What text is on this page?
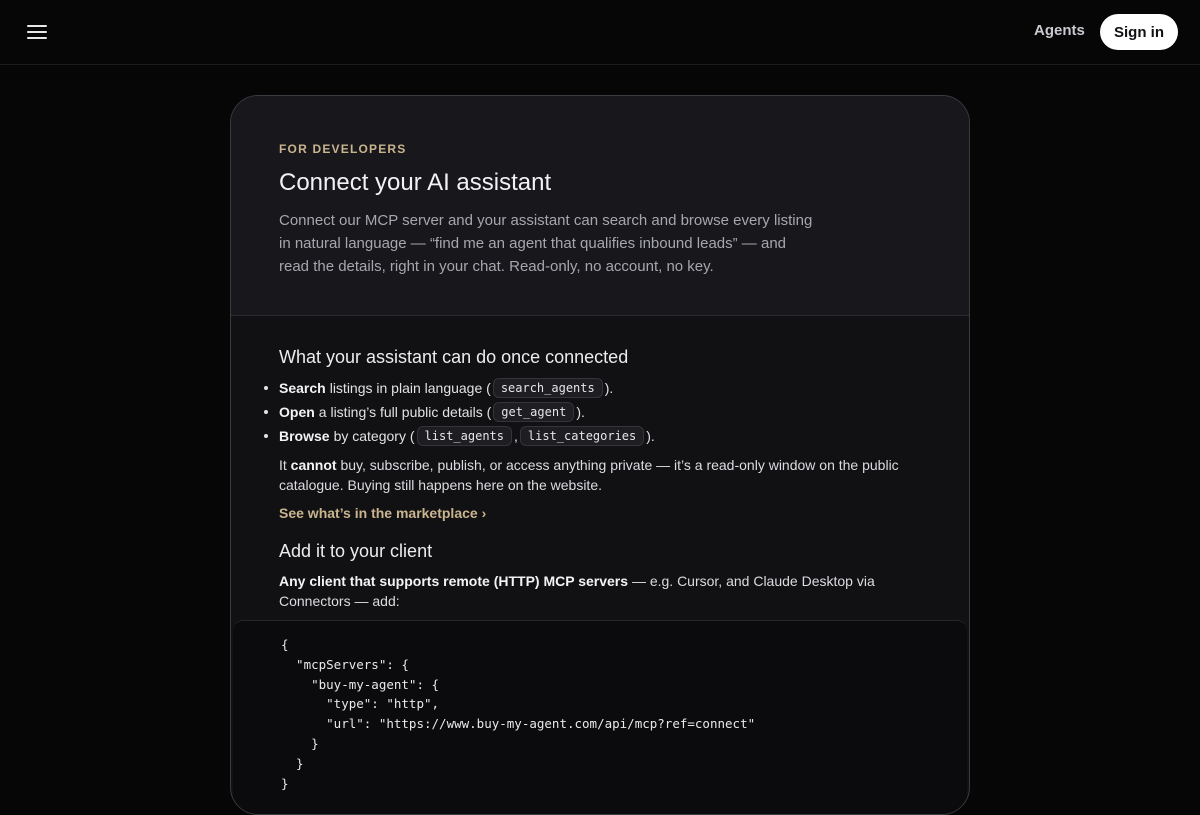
Agents	Sign in
FOR DEVELOPERS
Connect your AI assistant

Connect our MCP server and your assistant can search and browse every listing in natural language — “find me an agent that qualifies inbound leads” — and read the details, right in your chat. Read-only, no account, no key.

What your assistant can do once connected
Search listings in plain language ( search_agents ).
Open a listing’s full public details ( get_agent ).
Browse by category ( list_agents , list_categories ).

It cannot buy, subscribe, publish, or access anything private — it’s a read-only window on the public catalogue. Buying still happens here on the website.

See what’s in the marketplace ›
Add it to your client

Any client that supports remote (HTTP) MCP servers — e.g. Cursor, and Claude Desktop via Connectors — add:

{
"mcpServers": {
"buy-my-agent": {
"type": "http",
"url": "https://www.buy-my-agent.com/api/mcp?ref=connect"
}
}
}
